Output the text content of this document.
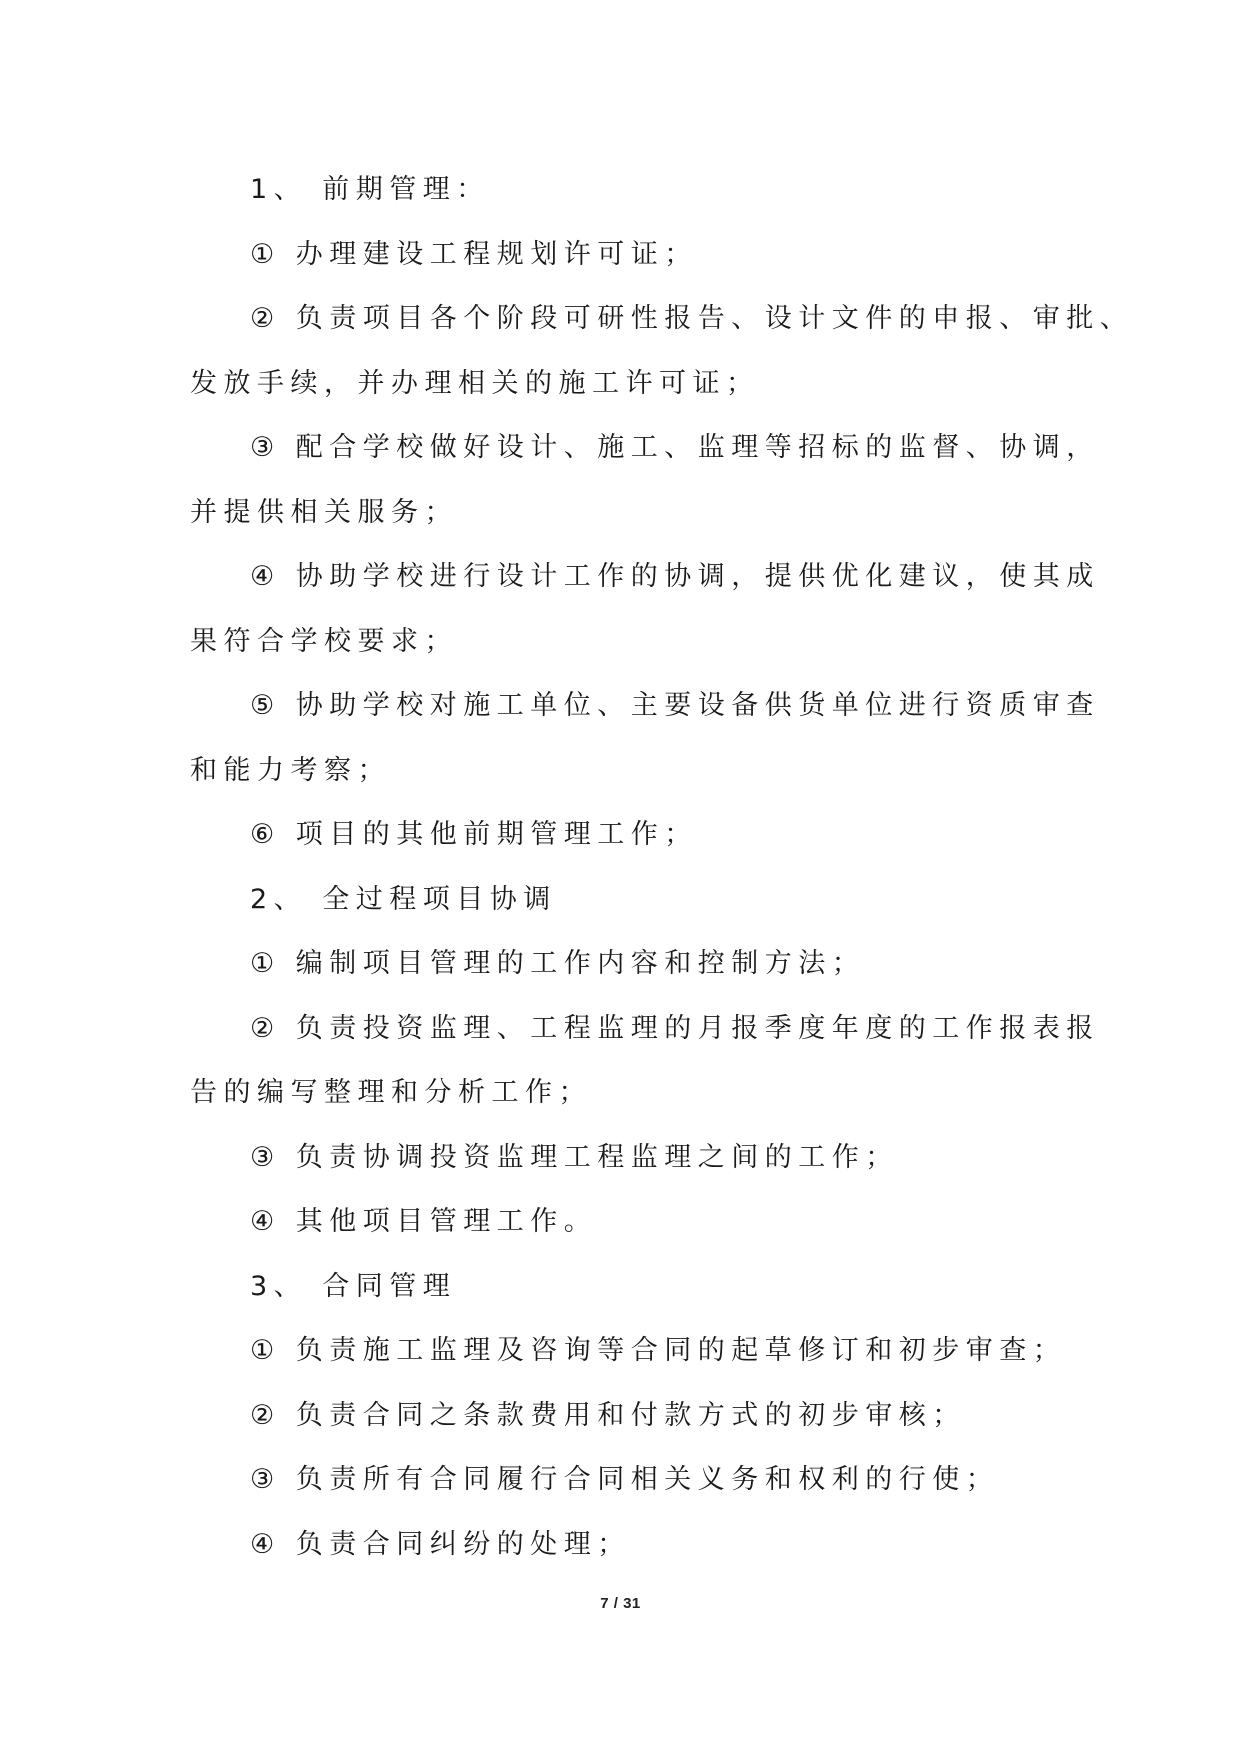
1、 前期管理：
① 办理建设工程规划许可证；
② 负责项目各个阶段可研性报告、设计文件的申报、审批、
发放手续，并办理相关的施工许可证；
③ 配合学校做好设计、施工、监理等招标的监督、协调，
并提供相关服务；
④ 协助学校进行设计工作的协调，提供优化建议，使其成
果符合学校要求；
⑤ 协助学校对施工单位、主要设备供货单位进行资质审查
和能力考察；
⑥ 项目的其他前期管理工作；
2、 全过程项目协调
① 编制项目管理的工作内容和控制方法；
② 负责投资监理、工程监理的月报季度年度的工作报表报
告的编写整理和分析工作；
③ 负责协调投资监理工程监理之间的工作；
④ 其他项目管理工作。
3、 合同管理
① 负责施工监理及咨询等合同的起草修订和初步审查；
② 负责合同之条款费用和付款方式的初步审核；
③ 负责所有合同履行合同相关义务和权利的行使；
④ 负责合同纠纷的处理；
7 / 31
